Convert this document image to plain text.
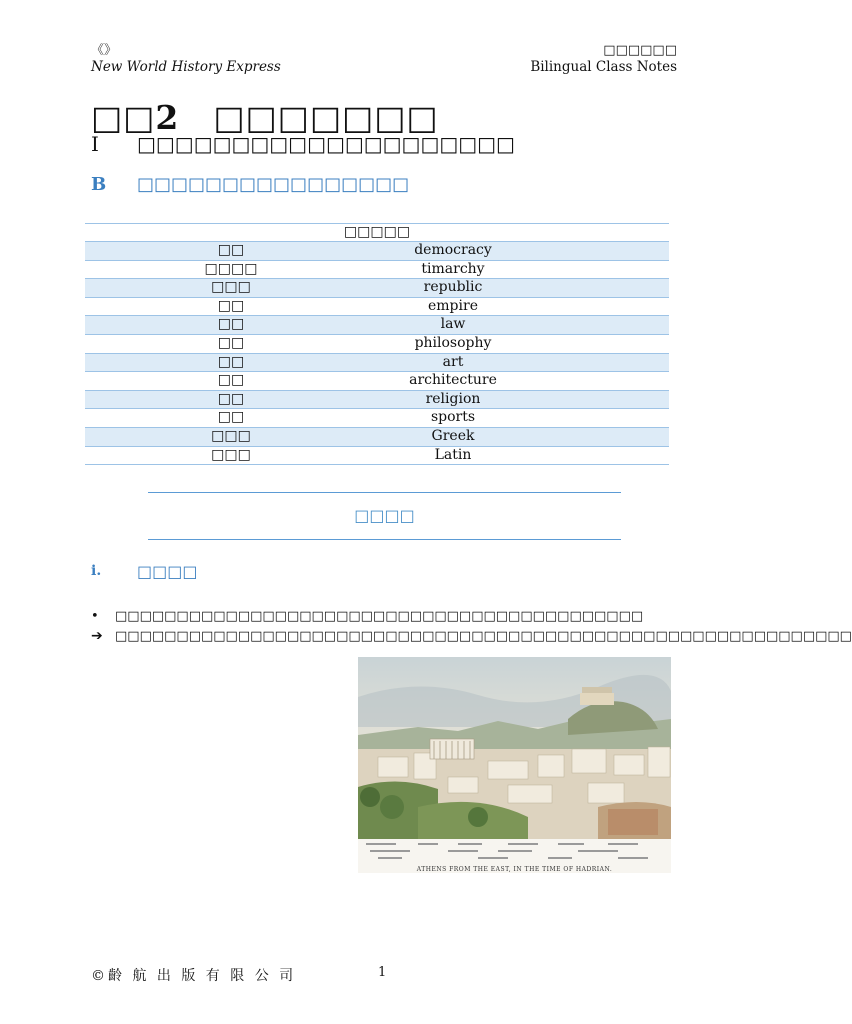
《》
New World History Express
□□□□□□
Bilingual Class Notes
□□2　□□□□□□□
I □□□□□□□□□□□□□□□□□□□□
B □□□□□□□□□□□□□□□□
□□□□□
□□	democracy
□□□□	timarchy
□□□	republic
□□	empire
□□	law
□□	philosophy
□□	art
□□	architecture
□□	religion
□□	sports
□□□	Greek
□□□	Latin
□□□□
i. □□□□
• □□□□□□□□□□□□□□□□□□□□□□□□□□□□□□□□□□□□□□□□□□□
➔ □□□□□□□□□□□□□□□□□□□□□□□□□□□□□□□□□□□□□□□□□□□□□□□□□□□□□□□□□□□□
ATHENS FROM THE EAST, IN THE TIME OF HADRIAN.
©齡 航 出 版 有 限 公 司	1
